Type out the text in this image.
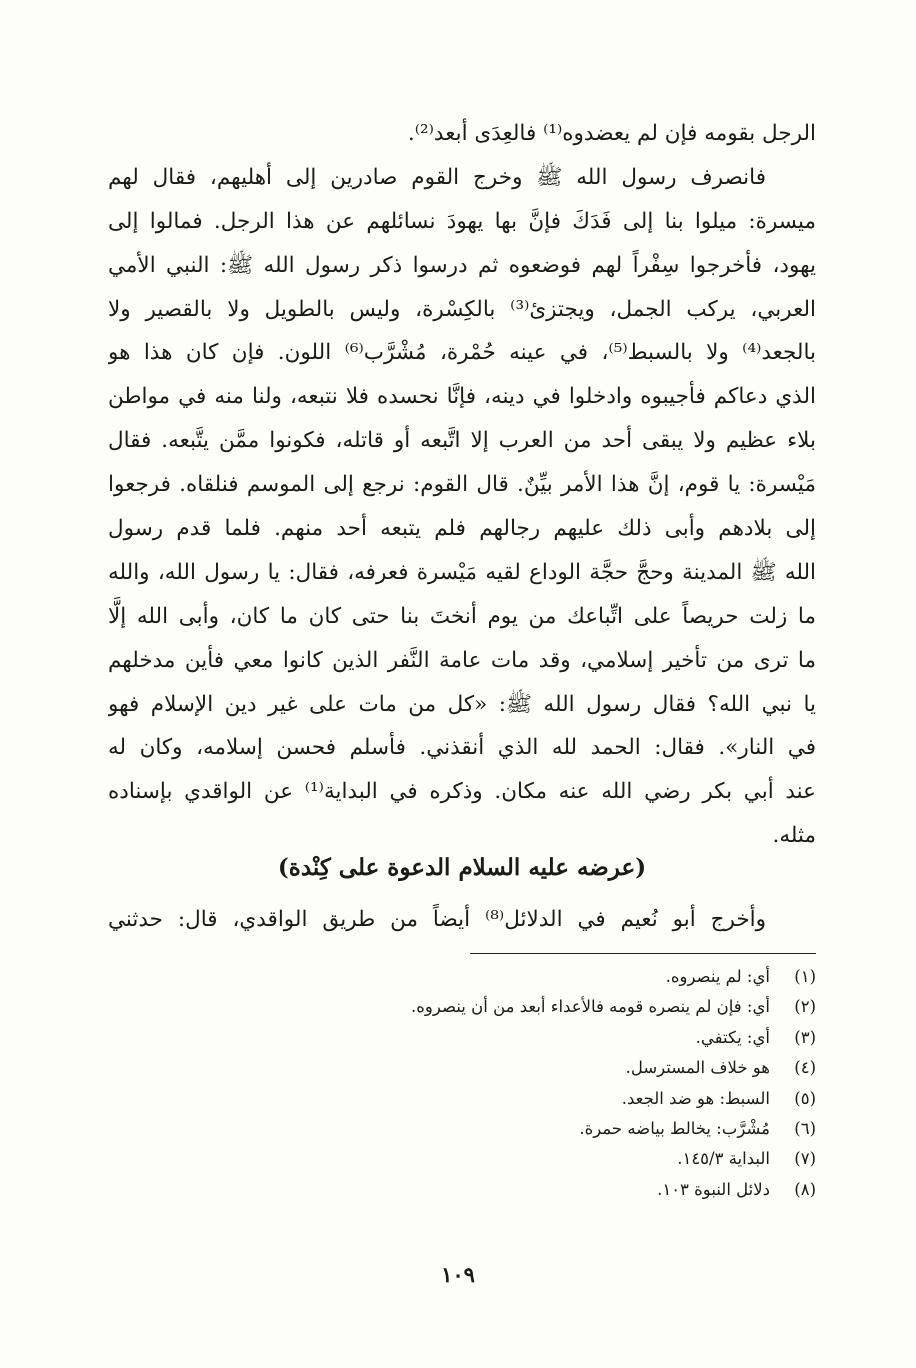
الرجل بقومه فإن لم يعضدوه⁽¹⁾ فالعِدَى أبعد⁽²⁾.
فانصرف رسول الله ﷺ وخرج القوم صادرين إلى أهليهم، فقال لهم
ميسرة: ميلوا بنا إلى فَدَكَ فإنَّ بها يهودَ نسائلهم عن هذا الرجل. فمالوا إلى
يهود، فأخرجوا سِفْراً لهم فوضعوه ثم درسوا ذكر رسول الله ﷺ: النبي الأمي
العربي، يركب الجمل، ويجتزئ⁽³⁾ بالكِسْرة، وليس بالطويل ولا بالقصير ولا
بالجعد⁽⁴⁾ ولا بالسبط⁽⁵⁾، في عينه حُمْرة، مُشْرَّب⁽⁶⁾ اللون. فإن كان هذا هو
الذي دعاكم فأجيبوه وادخلوا في دينه، فإنَّا نحسده فلا نتبعه، ولنا منه في مواطن
بلاء عظيم ولا يبقى أحد من العرب إلا اتَّبعه أو قاتله، فكونوا ممَّن يتَّبعه. فقال
مَيْسرة: يا قوم، إنَّ هذا الأمر بيِّنٌ. قال القوم: نرجع إلى الموسم فنلقاه. فرجعوا
إلى بلادهم وأبى ذلك عليهم رجالهم فلم يتبعه أحد منهم. فلما قدم رسول
الله ﷺ المدينة وحجَّ حجَّة الوداع لقيه مَيْسرة فعرفه، فقال: يا رسول الله، والله
ما زلت حريصاً على اتِّباعك من يوم أنختَ بنا حتى كان ما كان، وأبى الله إلَّا
ما ترى من تأخير إسلامي، وقد مات عامة النَّفر الذين كانوا معي فأين مدخلهم
يا نبي الله؟ فقال رسول الله ﷺ: «كل من مات على غير دين الإسلام فهو
في النار». فقال: الحمد لله الذي أنقذني. فأسلم فحسن إسلامه، وكان له
عند أبي بكر رضي الله عنه مكان. وذكره في البداية⁽¹⁾ عن الواقدي بإسناده
مثله.
(عرضه عليه السلام الدعوة على كِنْدة)
وأخرج أبو نُعيم في الدلائل⁽⁸⁾ أيضاً من طريق الواقدي، قال: حدثني
(١)
أي: لم ينصروه.
(٢)
أي: فإن لم ينصره قومه فالأعداء أبعد من أن ينصروه.
(٣)
أي: يكتفي.
(٤)
هو خلاف المسترسل.
(٥)
السبط: هو ضد الجعد.
(٦)
مُشْرَّب: يخالط بياضه حمرة.
(٧)
البداية ١٤٥/٣.
(٨)
دلائل النبوة ١٠٣.
١٠٩
